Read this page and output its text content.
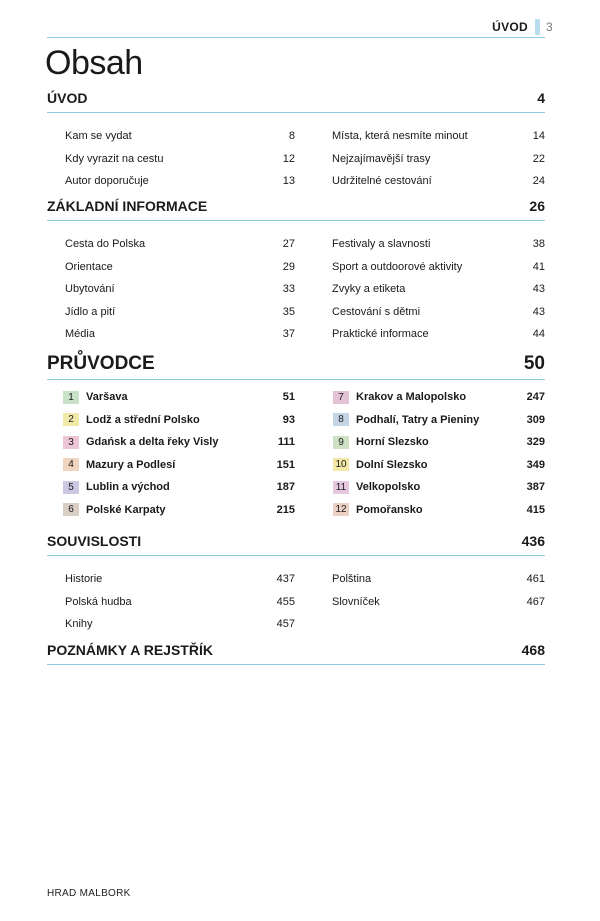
ÚVOD 3
Obsah
ÚVOD	4
Kam se vydat	8
Kdy vyrazit na cestu	12
Autor doporučuje	13
Místa, která nesmíte minout	14
Nejzajímavější trasy	22
Udržitelné cestování	24
ZÁKLADNÍ INFORMACE	26
Cesta do Polska	27
Orientace	29
Ubytování	33
Jídlo a pití	35
Média	37
Festivaly a slavnosti	38
Sport a outdoorové aktivity	41
Zvyky a etiketa	43
Cestování s dětmi	43
Praktické informace	44
PRŮVODCE	50
1	Varšava	51
2	Lodž a střední Polsko	93
3	Gdańsk a delta řeky Visly	111
4	Mazury a Podlesí	151
5	Lublin a východ	187
6	Polské Karpaty	215
7	Krakov a Malopolsko	247
8	Podhalí, Tatry a Pieniny	309
9	Horní Slezsko	329
10 Dolní Slezsko	349
11 Velkopolsko	387
12 Pomořansko	415
SOUVISLOSTI	436
Historie	437
Polská hudba	455
Knihy	457
Polština	461
Slovníček	467
POZNÁMKY A REJSTŘÍK	468
HRAD MALBORK
